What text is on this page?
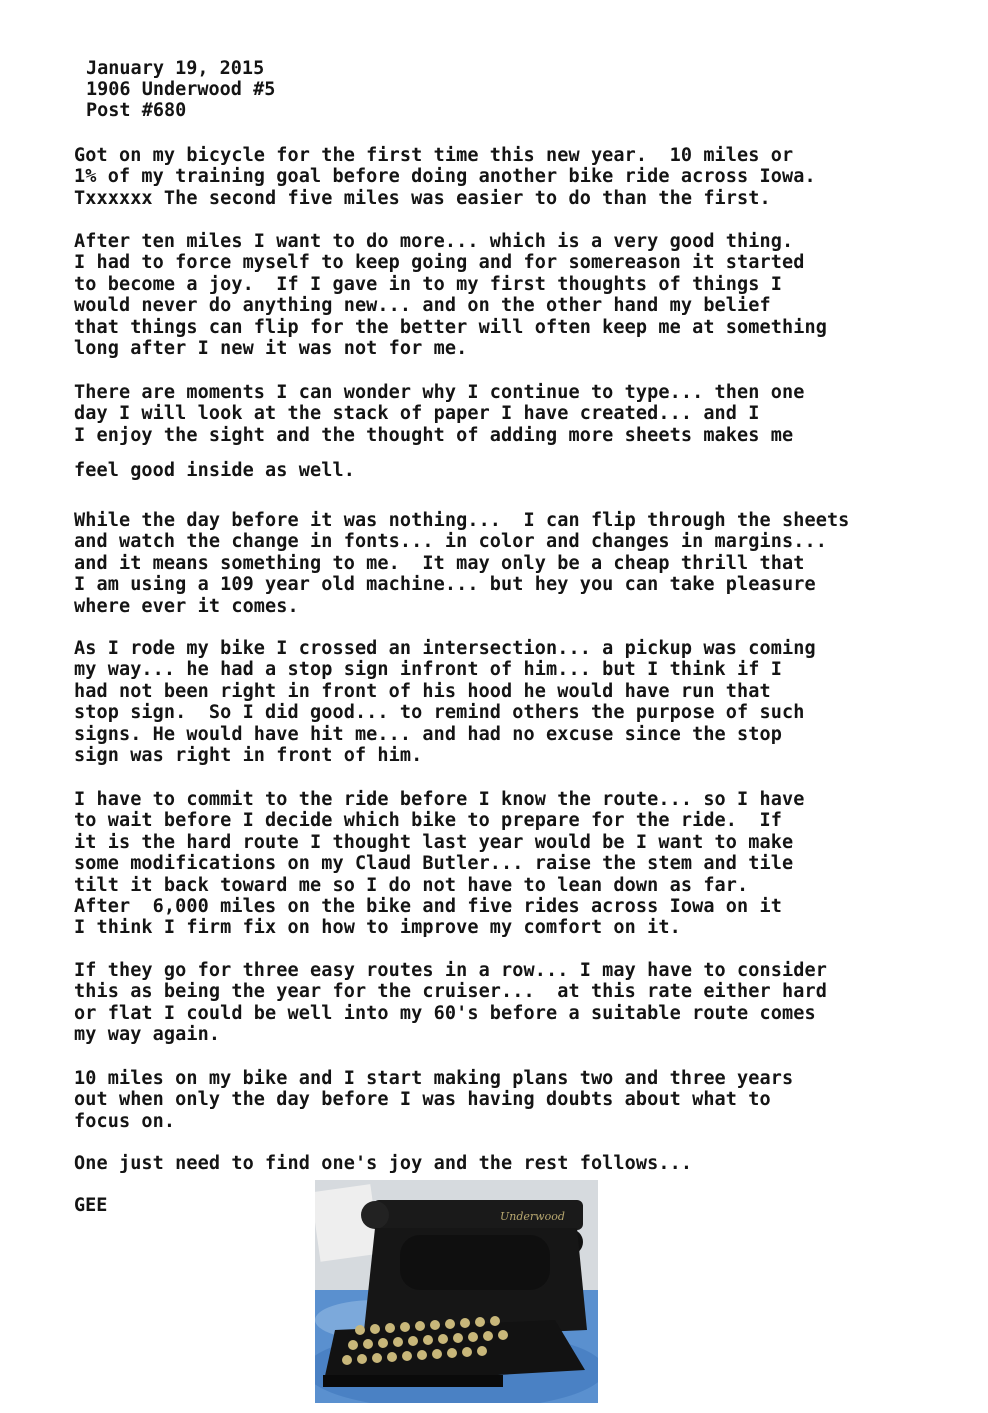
January 19, 2015
1906 Underwood #5
Post #680
Got on my bicycle for the first time this new year.  10 miles or
1% of my training goal before doing another bike ride across Iowa.
Txxxxxx The second five miles was easier to do than the first.
After ten miles I want to do more... which is a very good thing.
I had to force myself to keep going and for somereason it started
to become a joy.  If I gave in to my first thoughts of things I
would never do anything new... and on the other hand my belief
that things can flip for the better will often keep me at something
long after I new it was not for me.
There are moments I can wonder why I continue to type... then one
day I will look at the stack of paper I have created... and I
I enjoy the sight and the thought of adding more sheets makes me
feel good inside as well.
While the day before it was nothing...  I can flip through the sheets
and watch the change in fonts... in color and changes in margins...
and it means something to me.  It may only be a cheap thrill that
I am using a 109 year old machine... but hey you can take pleasure
where ever it comes.
As I rode my bike I crossed an intersection... a pickup was coming
my way... he had a stop sign infront of him... but I think if I
had not been right in front of his hood he would have run that
stop sign.  So I did good... to remind others the purpose of such
signs. He would have hit me... and had no excuse since the stop
sign was right in front of him.
I have to commit to the ride before I know the route... so I have
to wait before I decide which bike to prepare for the ride.  If
it is the hard route I thought last year would be I want to make
some modifications on my Claud Butler... raise the stem and tile
tilt it back toward me so I do not have to lean down as far.
After  6,000 miles on the bike and five rides across Iowa on it
I think I firm fix on how to improve my comfort on it.
If they go for three easy routes in a row... I may have to consider
this as being the year for the cruiser...  at this rate either hard
or flat I could be well into my 60's before a suitable route comes
my way again.
10 miles on my bike and I start making plans two and three years
out when only the day before I was having doubts about what to
focus on.
One just need to find one's joy and the rest follows...
GEE
Underwood
